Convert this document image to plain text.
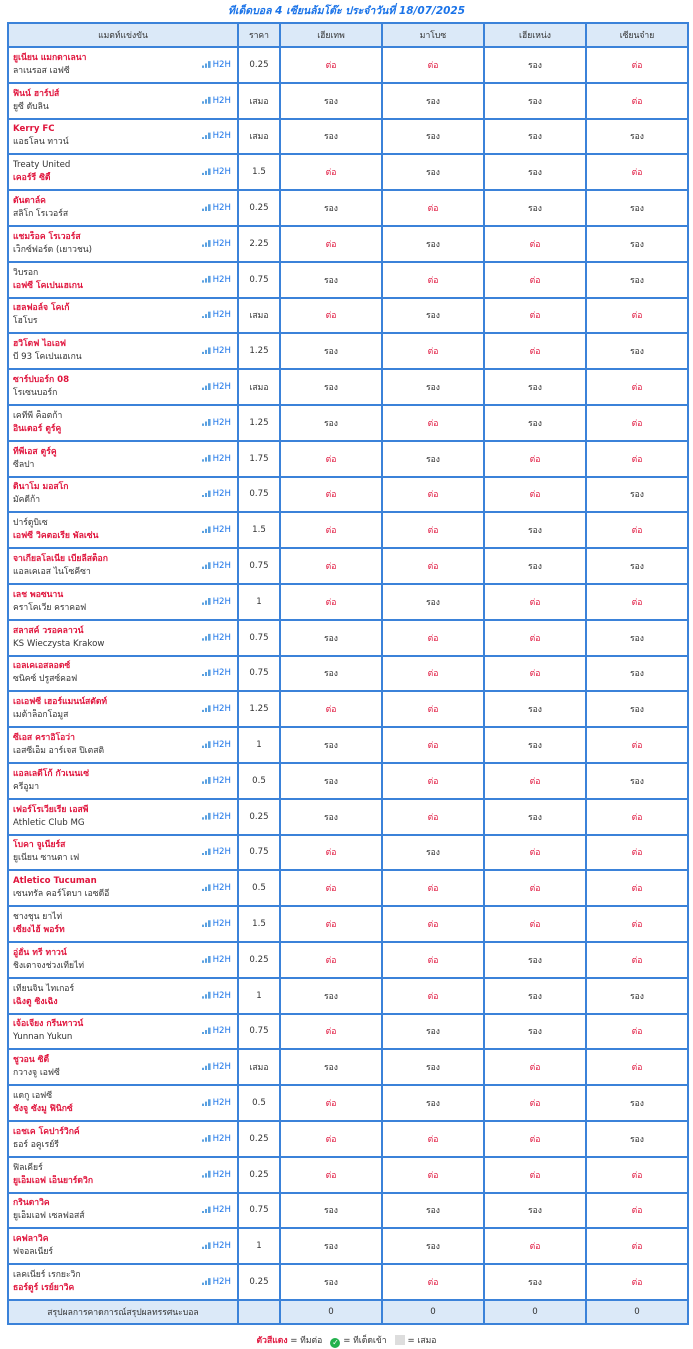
ทีเด็ดบอล 4 เซียนล้มโต๊ะ ประจำวันที่ 18/07/2025
แมตท์แข่งขัน	ราคา	เฮียเทพ	มาโบซ	เฮียเหน่ง	เซียนจ๋าย

ยูเนียน แมกดาเลนา
ลาเนรอส เอฟซี
H2H	0.25	ต่อ	ต่อ	รอง	ต่อ

ฟินน์ ฮาร์ปส์
ยูซี ดับลิน
H2H	เสมอ	รอง	รอง	รอง	ต่อ

Kerry FC
แอธโลน ทาวน์
H2H	เสมอ	รอง	รอง	รอง	รอง

Treaty United
เคอร์รี่ ซิตี้
H2H	1.5	ต่อ	รอง	รอง	ต่อ

ดันดาล์ค
สลิโก โรเวอร์ส
H2H	0.25	รอง	ต่อ	รอง	รอง

แชมร็อค โรเวอร์ส
เว็กซ์ฟอร์ด (เยาวชน)
H2H	2.25	ต่อ	รอง	ต่อ	รอง

วิบรอก
เอฟซี โคเปนเฮเกน
H2H	0.75	รอง	ต่อ	ต่อ	รอง

เฮลฟอล์จ โคเก้
โฮโบร
H2H	เสมอ	ต่อ	รอง	ต่อ	ต่อ

ฮวิโดฟ ไอเอฟ
บี 93 โคเปนเฮเกน
H2H	1.25	รอง	ต่อ	ต่อ	รอง

ซาร์ปบอร์ก 08
โรเซนบอร์ก
H2H	เสมอ	รอง	รอง	รอง	ต่อ

เคทีพี ค็อตก้า
อินเตอร์ ตูร์คู
H2H	1.25	รอง	ต่อ	รอง	ต่อ

ทีพีเอส ตูร์คู
ซีลปา
H2H	1.75	ต่อ	รอง	ต่อ	ต่อ

ดินาโม มอสโก
มัคดีก้า
H2H	0.75	ต่อ	ต่อ	ต่อ	รอง

ปาร์ดูบิเซ
เอฟซี วิคตอเรีย พัลเซ่น
H2H	1.5	ต่อ	ต่อ	รอง	ต่อ

จาเกียลโลเนีย เบียลีสต็อก
แอลเคเอส ไนโซคีซา
H2H	0.75	ต่อ	ต่อ	รอง	รอง

เลช พอซนาน
คราโคเวีย คราคอฟ
H2H	1	ต่อ	รอง	ต่อ	ต่อ

สลาสค์ วรอคลาวน์
KS Wieczysta Krakow
H2H	0.75	รอง	ต่อ	ต่อ	รอง

เอลเคเอสลอดซ์
ซนิคซ์ ปรูสซ์คอฟ
H2H	0.75	รอง	ต่อ	ต่อ	รอง

เอเอฟซี เฮอร์แมนน์สตัดท์
เมต้าล็อกโอมูส
H2H	1.25	ต่อ	ต่อ	รอง	รอง

ซีเอส คราอิโอว่า
เอสซีเอ็ม อาร์เจส ปิเตสติ
H2H	1	รอง	ต่อ	รอง	ต่อ

แอลเลดีโก้ กัวเนนเซ่
ครีอูมา
H2H	0.5	รอง	ต่อ	ต่อ	รอง

เฟอร์โรเวียเรีย เอสพี
Athletic Club MG
H2H	0.25	รอง	ต่อ	รอง	ต่อ

โบคา จูเนียร์ส
ยูเนียน ซานตา เฟ
H2H	0.75	ต่อ	รอง	ต่อ	ต่อ

Atletico Tucuman
เซนทรัล คอร์โดบา เอซดีอี
H2H	0.5	ต่อ	ต่อ	ต่อ	ต่อ

ชางชุน ยาไท่
เซี่ยงไฮ้ พอร์ท
H2H	1.5	ต่อ	ต่อ	ต่อ	ต่อ

อู่ฮั่น ทรี ทาวน์
ชิงเตาจงช่วงเทียไท่
H2H	0.25	ต่อ	ต่อ	รอง	ต่อ

เทียนจิน ไทเกอร์
เฉิงตู ซิงเฉิง
H2H	1	รอง	ต่อ	รอง	รอง

เจ้อเจียง กรีนทาวน์
Yunnan Yukun
H2H	0.75	ต่อ	รอง	รอง	ต่อ

ชูวอน ซิตี้
กวางจู เอฟซี
H2H	เสมอ	รอง	รอง	ต่อ	ต่อ

แดกู เอฟซี
ชังจู ซังมู ฟินิกซ์
H2H	0.5	ต่อ	รอง	ต่อ	รอง

เอชเค โคปาร์วิกค์
ธอร์ อคูเรย์รี
H2H	0.25	ต่อ	ต่อ	ต่อ	รอง

ฟิลเคียร์
ยูเอ็มเอฟ เอ็นยาร์ดวิก
H2H	0.25	ต่อ	ต่อ	ต่อ	ต่อ

กรินดาวิค
ยูเอ็มเอฟ เซลฟอสส์
H2H	0.75	รอง	รอง	รอง	ต่อ

เคฟลาวิค
ฟจอลเนียร์
H2H	1	รอง	รอง	ต่อ	ต่อ

เลคเนียร์ เรกยะวิก
ธอร์ดูร์ เรย์ยาวิค
H2H	0.25	รอง	ต่อ	รอง	ต่อ
สรุปผลการคาดการณ์สรุปผลทรรศนะบอล		0	0	0	0
ตัวสีแดง = ทีมต่อ ✓ = ทีเด็ดเข้า    = เสมอ
